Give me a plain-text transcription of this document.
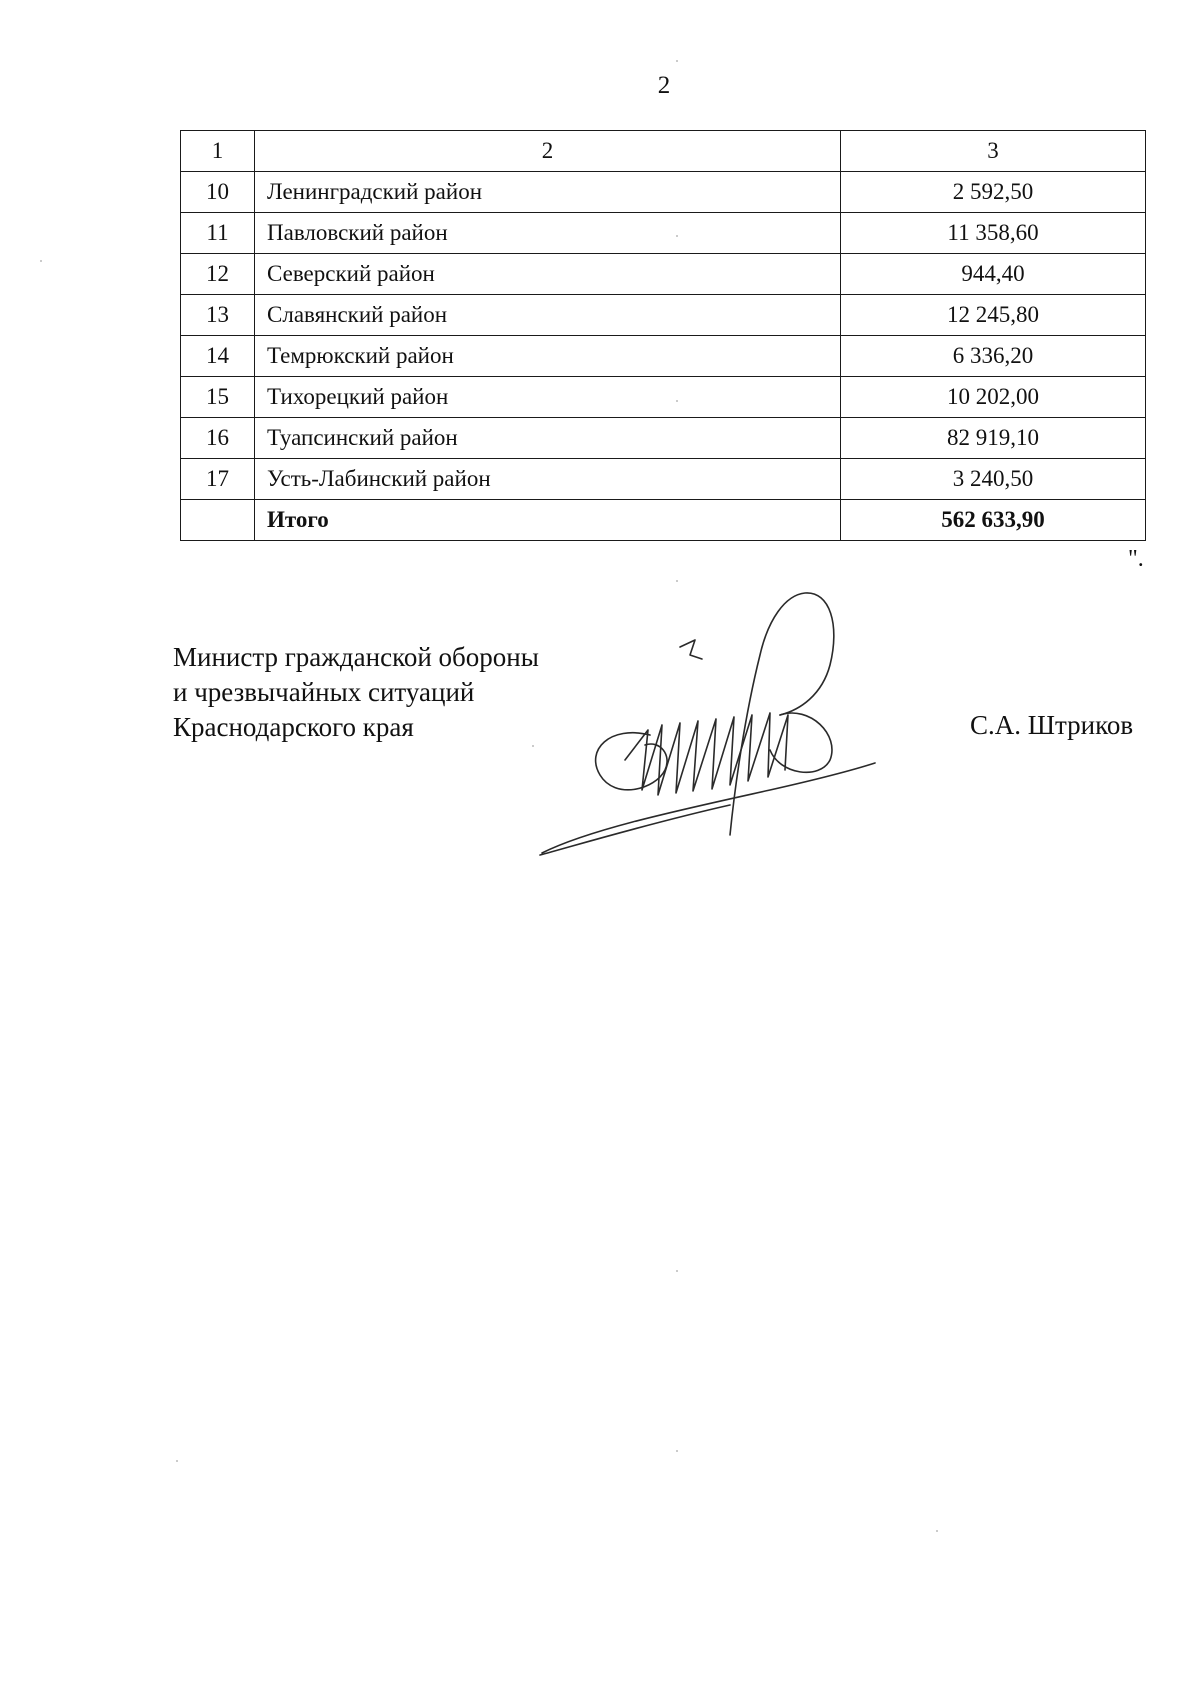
2
1	2	3
10	Ленинградский район	2 592,50
11	Павловский район	11 358,60
12	Северский район	944,40
13	Славянский район	12 245,80
14	Темрюкский район	6 336,20
15	Тихорецкий район	10 202,00
16	Туапсинский район	82 919,10
17	Усть-Лабинский район	3 240,50
	Итого	562 633,90
".
Министр гражданской обороны
и чрезвычайных ситуаций
Краснодарского края	С.А. Штриков
